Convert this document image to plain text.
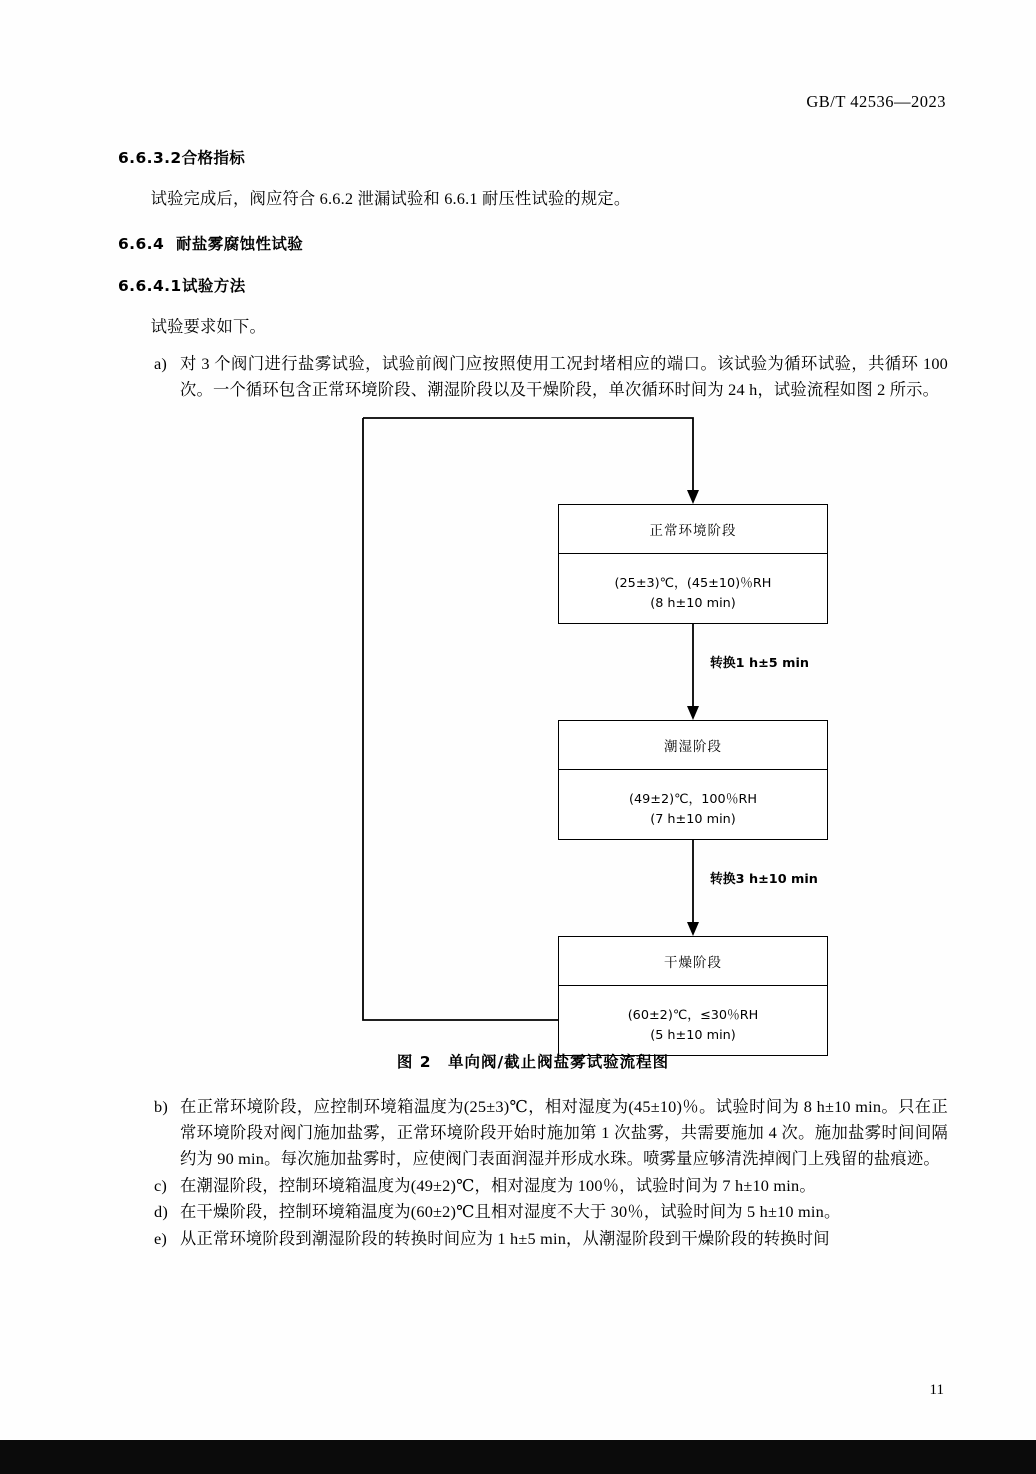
GB/T 42536—2023
6.6.3.2合格指标

试验完成后，阀应符合 6.6.2 泄漏试验和 6.6.1 耐压性试验的规定。

6.6.4 耐盐雾腐蚀性试验
6.6.4.1试验方法

试验要求如下。

a) 对 3 个阀门进行盐雾试验，试验前阀门应按照使用工况封堵相应的端口。该试验为循环试验，共循环 100 次。一个循环包含正常环境阶段、潮湿阶段以及干燥阶段，单次循环时间为 24 h，试验流程如图 2 所示。
正常环境阶段
(25±3)℃，(45±10)％RH
(8 h±10 min)
转换1 h±5 min
潮湿阶段
(49±2)℃，100％RH
(7 h±10 min)
转换3 h±10 min
干燥阶段
(60±2)℃，≤30％RH
(5 h±10 min)
图 2　单向阀/截止阀盐雾试验流程图
b) 在正常环境阶段，应控制环境箱温度为(25±3)℃，相对湿度为(45±10)％。试验时间为 8 h±10 min。只在正常环境阶段对阀门施加盐雾，正常环境阶段开始时施加第 1 次盐雾，共需要施加 4 次。施加盐雾时间间隔约为 90 min。每次施加盐雾时，应使阀门表面润湿并形成水珠。喷雾量应够清洗掉阀门上残留的盐痕迹。
c) 在潮湿阶段，控制环境箱温度为(49±2)℃，相对湿度为 100％，试验时间为 7 h±10 min。
d) 在干燥阶段，控制环境箱温度为(60±2)℃且相对湿度不大于 30％，试验时间为 5 h±10 min。
e) 从正常环境阶段到潮湿阶段的转换时间应为 1 h±5 min，从潮湿阶段到干燥阶段的转换时间
11
